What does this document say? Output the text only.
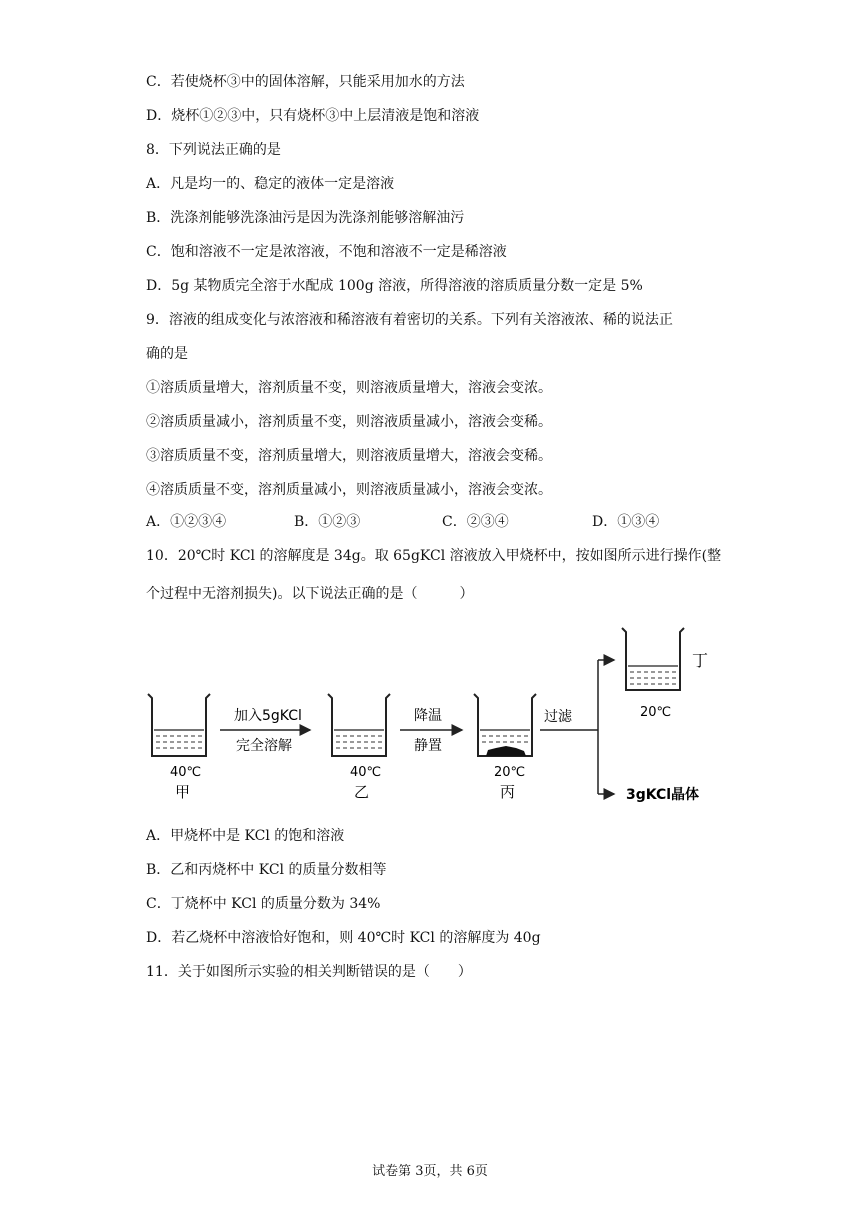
C．若使烧杯③中的固体溶解，只能采用加水的方法
D．烧杯①②③中，只有烧杯③中上层清液是饱和溶液
8．下列说法正确的是
A．凡是均一的、稳定的液体一定是溶液
B．洗涤剂能够洗涤油污是因为洗涤剂能够溶解油污
C．饱和溶液不一定是浓溶液，不饱和溶液不一定是稀溶液
D．5g 某物质完全溶于水配成 100g 溶液，所得溶液的溶质质量分数一定是 5%
9．溶液的组成变化与浓溶液和稀溶液有着密切的关系。下列有关溶液浓、稀的说法正
确的是
①溶质质量增大，溶剂质量不变，则溶液质量增大，溶液会变浓。
②溶质质量减小，溶剂质量不变，则溶液质量减小，溶液会变稀。
③溶质质量不变，溶剂质量增大，则溶液质量增大，溶液会变稀。
④溶质质量不变，溶剂质量减小，则溶液质量减小，溶液会变浓。
A．①②③④	B．①②③	C．②③④	D．①③④
10．20℃时 KCl 的溶解度是 34g。取 65gKCl 溶液放入甲烧杯中，按如图所示进行操作(整
个过程中无溶剂损失)。以下说法正确的是（　　　）
40℃
甲
加入5gKCl
完全溶解
40℃
乙
降温
静置
20℃
丙
过滤
丁
20℃
3gKCl晶体
A．甲烧杯中是 KCl 的饱和溶液
B．乙和丙烧杯中 KCl 的质量分数相等
C．丁烧杯中 KCl 的质量分数为 34%
D．若乙烧杯中溶液恰好饱和，则 40℃时 KCl 的溶解度为 40g
11．关于如图所示实验的相关判断错误的是（　　）
试卷第 3页，共 6页
